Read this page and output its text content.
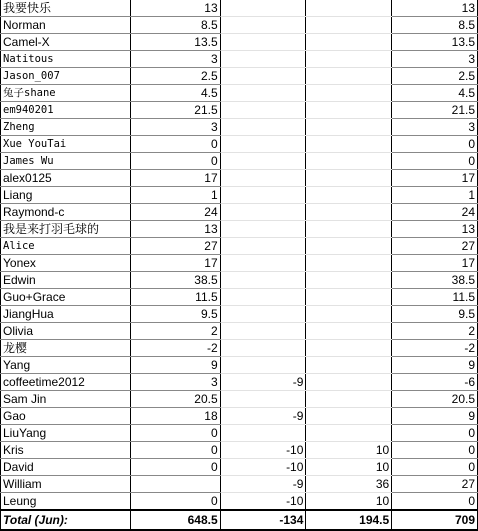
我要快乐	13			13
Norman	8.5			8.5
Camel-X	13.5			13.5
Natitous	3			3
Jason_007	2.5			2.5
兔子shane	4.5			4.5
em940201	21.5			21.5
Zheng	3			3
Xue YouTai	0			0
James Wu	0			0
alex0125	17			17
Liang	1			1
Raymond-c	24			24
我是来打羽毛球的	13			13
Alice	27			27
Yonex	17			17
Edwin	38.5			38.5
Guo+Grace	11.5			11.5
JiangHua	9.5			9.5
Olivia	2			2
龙樱	-2			-2
Yang	9			9
coffeetime2012	3	-9		-6
Sam Jin	20.5			20.5
Gao	18	-9		9
LiuYang	0			0
Kris	0	-10	10	0
David	0	-10	10	0
William		-9	36	27
Leung	0	-10	10	0
Total (Jun):	648.5	-134	194.5	709
